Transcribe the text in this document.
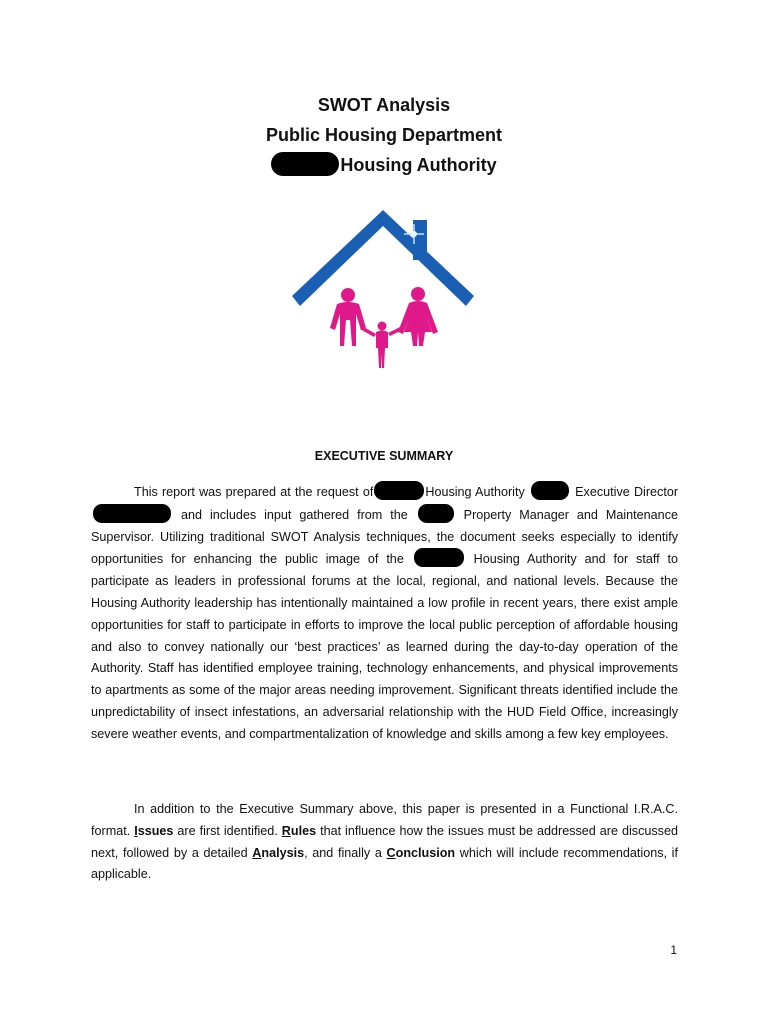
SWOT Analysis
Public Housing Department
Housing Authority
EXECUTIVE SUMMARY

This report was prepared at the request of	Housing Authority	Executive Director  and includes input gathered from the	Property Manager and Maintenance Supervisor. Utilizing traditional SWOT Analysis techniques, the document seeks especially to identify opportunities for enhancing the public image of the	Housing Authority and for staff to participate as leaders in professional forums at the local, regional, and national levels. Because the Housing Authority leadership has intentionally maintained a low profile in recent years, there exist ample opportunities for staff to participate in efforts to improve the local public perception of affordable housing and also to convey nationally our ‘best practices’ as learned during the day-to-day operation of the Authority. Staff has identified employee training, technology enhancements, and physical improvements to apartments as some of the major areas needing improvement. Significant threats identified include the unpredictability of insect infestations, an adversarial relationship with the HUD Field Office, increasingly severe weather events, and compartmentalization of knowledge and skills among a few key employees.

In addition to the Executive Summary above, this paper is presented in a Functional I.R.A.C. format. Issues are first identified. Rules that influence how the issues must be addressed are discussed next, followed by a detailed Analysis, and finally a Conclusion which will include recommendations, if applicable.

1
